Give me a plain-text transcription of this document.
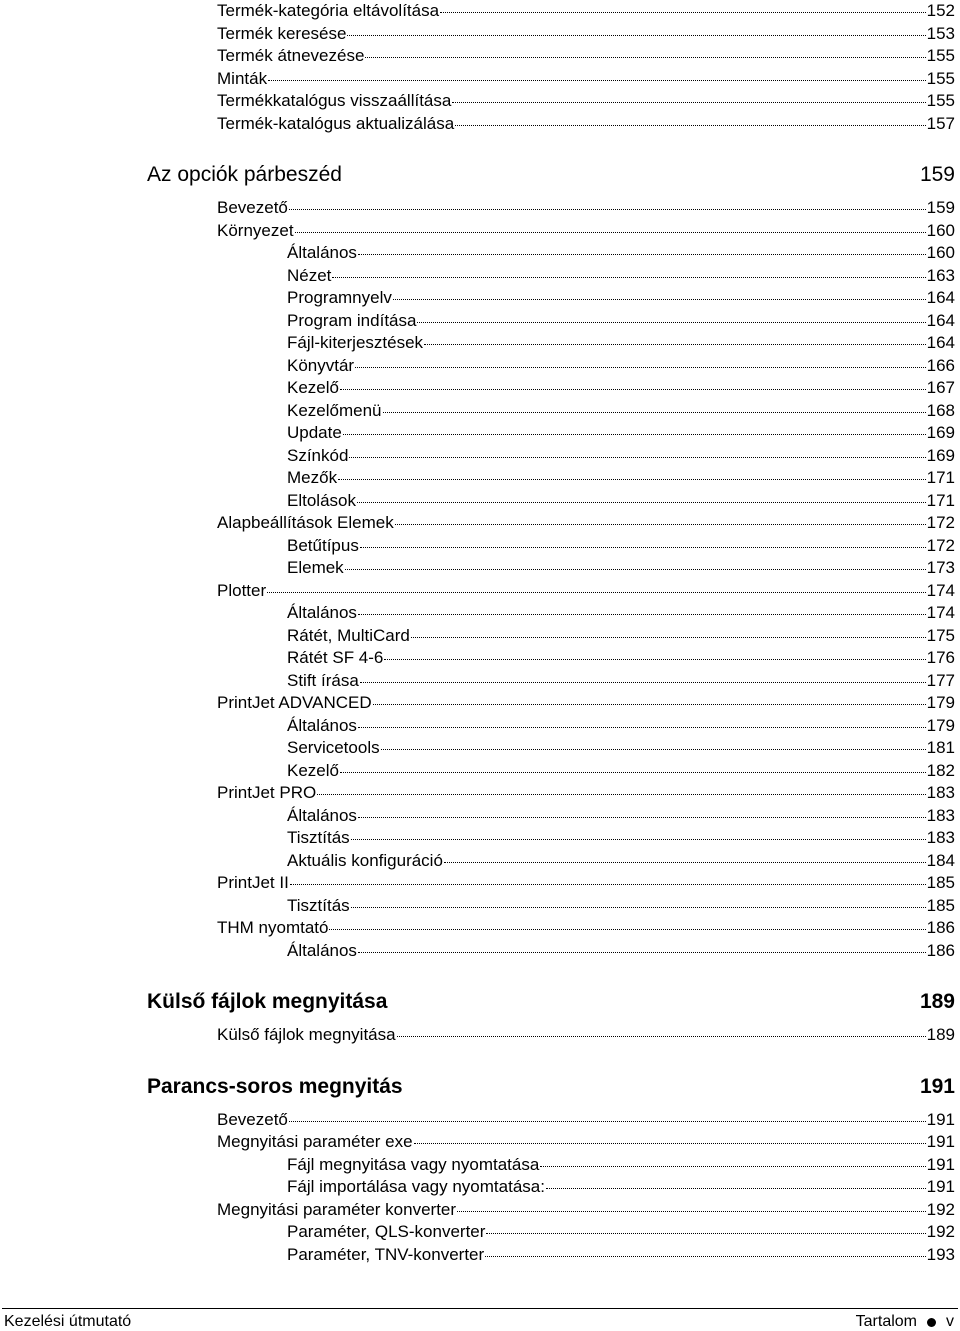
Termék-kategória eltávolítása	152
Termék keresése	153
Termék átnevezése	155
Minták	155
Termékkatalógus visszaállítása	155
Termék-katalógus aktualizálása	157
Az opciók párbeszéd	159
Bevezető	159
Környezet	160
Általános	160
Nézet	163
Programnyelv	164
Program indítása	164
Fájl-kiterjesztések	164
Könyvtár	166
Kezelő	167
Kezelőmenü	168
Update	169
Színkód	169
Mezők	171
Eltolások	171
Alapbeállítások Elemek	172
Betűtípus	172
Elemek	173
Plotter	174
Általános	174
Rátét, MultiCard	175
Rátét SF 4-6	176
Stift írása	177
PrintJet ADVANCED	179
Általános	179
Servicetools	181
Kezelő	182
PrintJet PRO	183
Általános	183
Tisztítás	183
Aktuális konfiguráció	184
PrintJet II	185
Tisztítás	185
THM nyomtató	186
Általános	186
Külső fájlok megnyitása	189
Külső fájlok megnyitása	189
Parancs-soros megnyitás	191
Bevezető	191
Megnyitási paraméter exe	191
Fájl megnyitása vagy nyomtatása	191
Fájl importálása vagy nyomtatása:	191
Megnyitási paraméter konverter	192
Paraméter, QLS-konverter	192
Paraméter, TNV-konverter	193
Kezelési útmutató	Tartalom v
